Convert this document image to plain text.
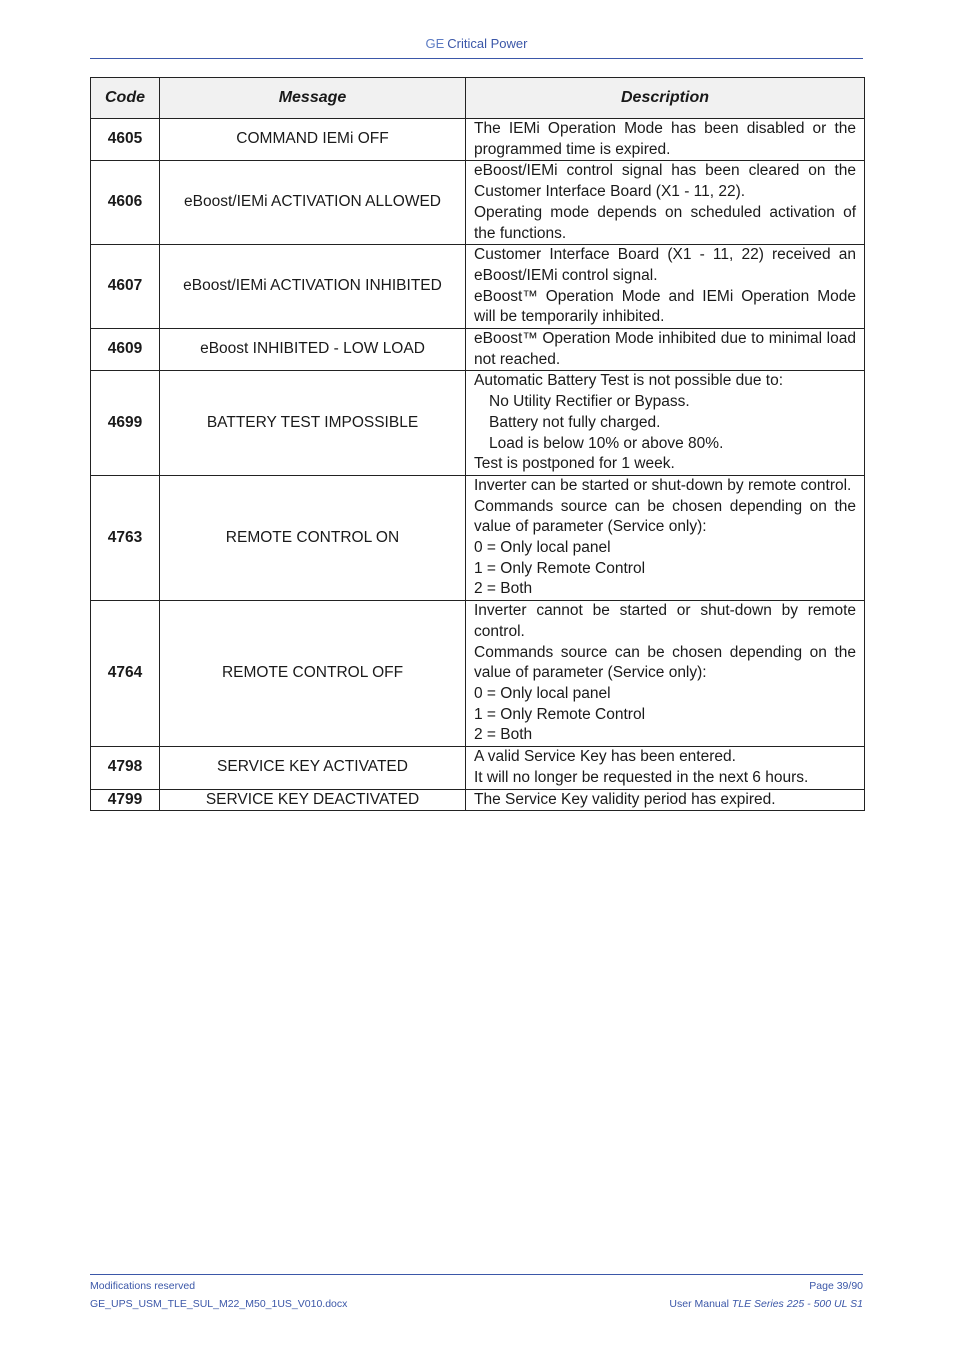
GE Critical Power
Code	Message	Description
4605	COMMAND IEMi OFF	The IEMi Operation Mode has been disabled or the programmed time is expired.

4606	eBoost/IEMi ACTIVATION ALLOWED	eBoost/IEMi control signal has been cleared on the Customer Interface Board (X1 - 11, 22).
Operating mode depends on scheduled activation of the functions.

4607	eBoost/IEMi ACTIVATION INHIBITED	Customer Interface Board (X1 - 11, 22) received an eBoost/IEMi control signal.
eBoost™ Operation Mode and IEMi Operation Mode will be temporarily inhibited.

4609	eBoost INHIBITED - LOW LOAD	eBoost™ Operation Mode inhibited due to minimal load not reached.

4699	BATTERY TEST IMPOSSIBLE	Automatic Battery Test is not possible due to:
No Utility Rectifier or Bypass.
Battery not fully charged.
Load is below 10% or above 80%.
Test is postponed for 1 week.

4763	REMOTE CONTROL ON	Inverter can be started or shut-down by remote control.
Commands source can be chosen depending on the value of parameter (Service only):
0 = Only local panel
1 = Only Remote Control
2 = Both

4764	REMOTE CONTROL OFF	Inverter cannot be started or shut-down by remote control.
Commands source can be chosen depending on the value of parameter (Service only):
0 = Only local panel
1 = Only Remote Control
2 = Both

4798	SERVICE KEY ACTIVATED	A valid Service Key has been entered.
It will no longer be requested in the next 6 hours.

4799	SERVICE KEY DEACTIVATED	The Service Key validity period has expired.
Modifications reserved
GE_UPS_USM_TLE_SUL_M22_M50_1US_V010.docx
Page 39/90
User Manual TLE Series 225 - 500 UL S1
